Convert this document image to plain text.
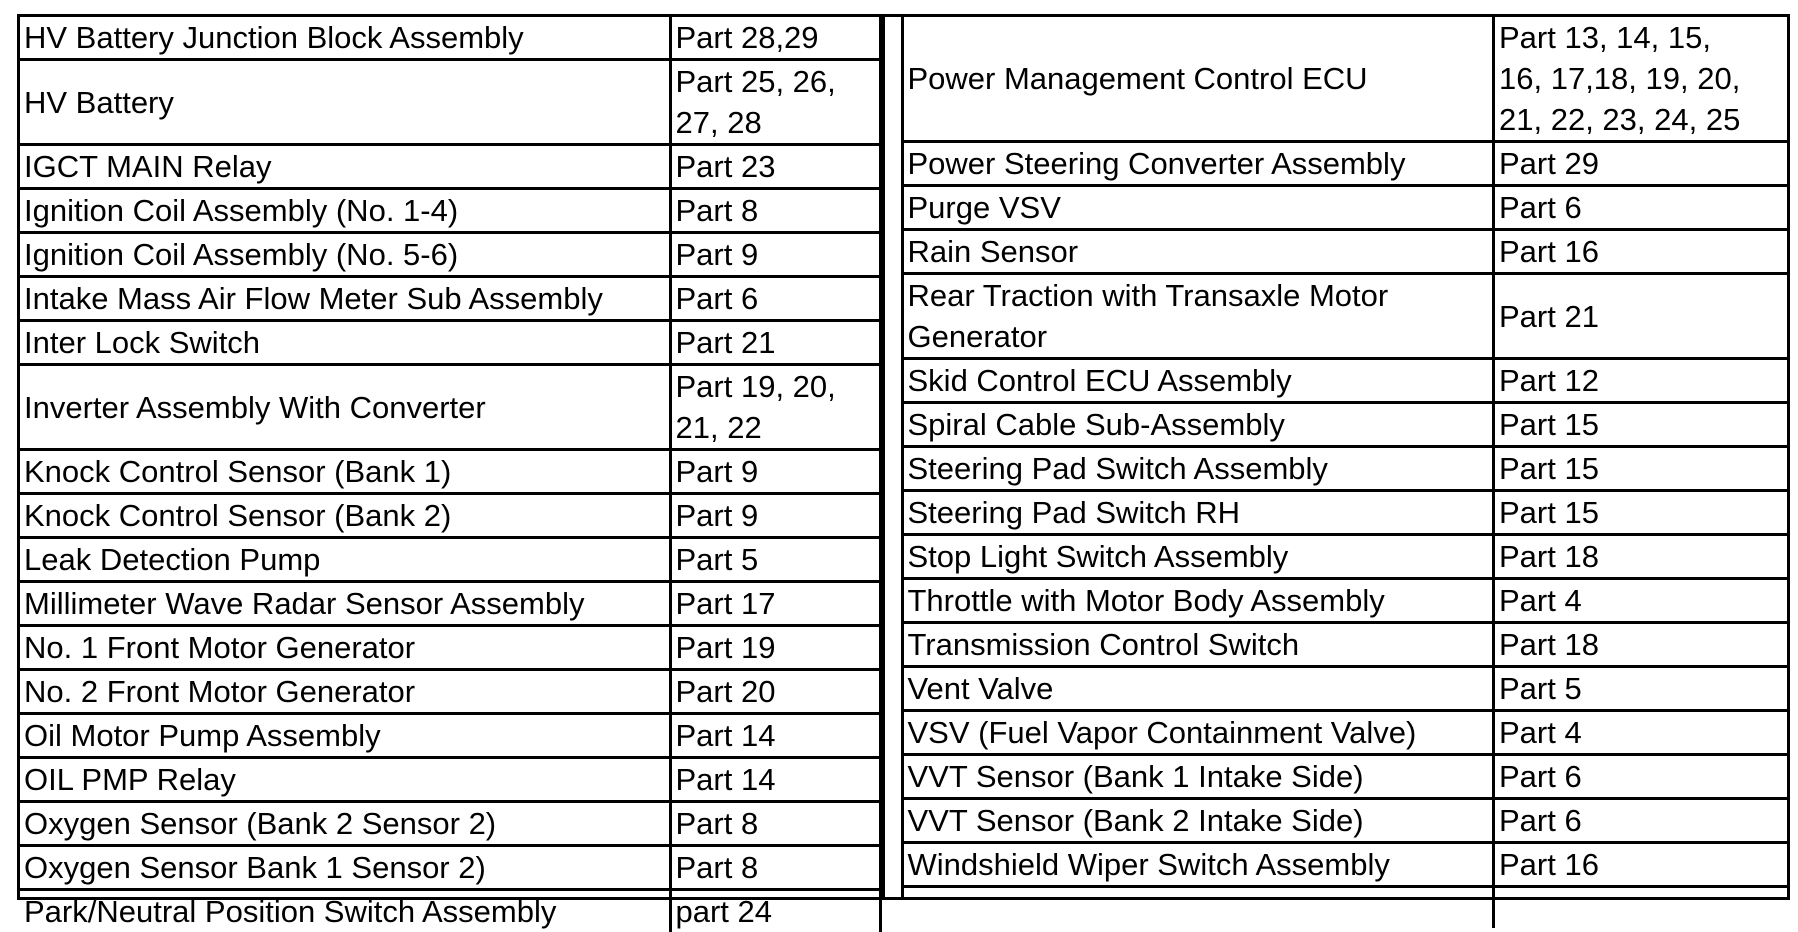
HV Battery Junction Block Assembly	Part 28,29
HV Battery	Part 25, 26,
27, 28
IGCT MAIN Relay	Part 23
Ignition Coil Assembly (No. 1-4)	Part 8
Ignition Coil Assembly (No. 5-6)	Part 9
Intake Mass Air Flow Meter Sub Assembly	Part 6
Inter Lock Switch	Part 21
Inverter Assembly With Converter	Part 19, 20,
21, 22
Knock Control Sensor (Bank 1)	Part 9
Knock Control Sensor (Bank 2)	Part 9
Leak Detection Pump	Part 5
Millimeter Wave Radar Sensor Assembly	Part 17
No. 1 Front Motor Generator	Part 19
No. 2 Front Motor Generator	Part 20
Oil Motor Pump Assembly	Part 14
OIL PMP Relay	Part 14
Oxygen Sensor (Bank 2 Sensor 2)	Part 8
Oxygen Sensor Bank 1 Sensor 2)	Part 8
Park/Neutral Position Switch Assembly	part 24
Power Management Control ECU	Part 13, 14, 15,
16, 17,18, 19, 20,
21, 22, 23, 24, 25
Power Steering Converter Assembly	Part 29
Purge VSV	Part 6
Rain Sensor	Part 16
Rear Traction with Transaxle Motor
Generator	Part 21
Skid Control ECU Assembly	Part 12
Spiral Cable Sub-Assembly	Part 15
Steering Pad Switch Assembly	Part 15
Steering Pad Switch RH	Part 15
Stop Light Switch Assembly	Part 18
Throttle with Motor Body Assembly	Part 4
Transmission Control Switch	Part 18
Vent Valve	Part 5
VSV (Fuel Vapor Containment Valve)	Part 4
VVT Sensor (Bank 1 Intake Side)	Part 6
VVT Sensor (Bank 2 Intake Side)	Part 6
Windshield Wiper Switch Assembly	Part 16
